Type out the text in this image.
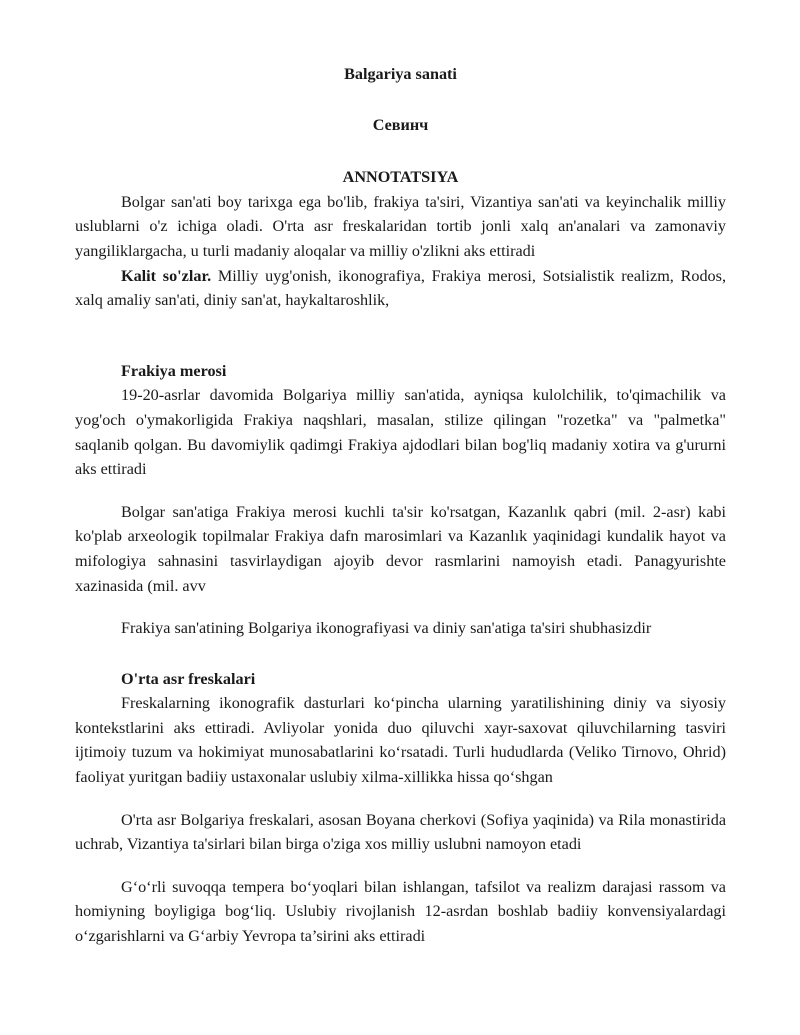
Balgariya sanati
Севинч
ANNOTATSIYA

Bolgar san'ati boy tarixga ega bo'lib, frakiya ta'siri, Vizantiya san'ati va keyinchalik milliy uslublarni o'z ichiga oladi. O'rta asr freskalaridan tortib jonli xalq an'analari va zamonaviy yangiliklargacha, u turli madaniy aloqalar va milliy o'zlikni aks ettiradi

Kalit so'zlar. Milliy uyg'onish, ikonografiya, Frakiya merosi, Sotsialistik realizm, Rodos, xalq amaliy san'ati, diniy san'at, haykaltaroshlik,

Frakiya merosi

19-20-asrlar davomida Bolgariya milliy san'atida, ayniqsa kulolchilik, to'qimachilik va yog'och o'ymakorligida Frakiya naqshlari, masalan, stilize qilingan "rozetka" va "palmetka" saqlanib qolgan. Bu davomiylik qadimgi Frakiya ajdodlari bilan bog'liq madaniy xotira va g'ururni aks ettiradi

Bolgar san'atiga Frakiya merosi kuchli ta'sir ko'rsatgan, Kazanlık qabri (mil. 2-asr) kabi ko'plab arxeologik topilmalar Frakiya dafn marosimlari va Kazanlık yaqinidagi kundalik hayot va mifologiya sahnasini tasvirlaydigan ajoyib devor rasmlarini namoyish etadi. Panagyurishte xazinasida (mil. avv

Frakiya san'atining Bolgariya ikonografiyasi va diniy san'atiga ta'siri shubhasizdir

O'rta asr freskalari

Freskalarning ikonografik dasturlari ko‘pincha ularning yaratilishining diniy va siyosiy kontekstlarini aks ettiradi. Avliyolar yonida duo qiluvchi xayr-saxovat qiluvchilarning tasviri ijtimoiy tuzum va hokimiyat munosabatlarini ko‘rsatadi. Turli hududlarda (Veliko Tirnovo, Ohrid) faoliyat yuritgan badiiy ustaxonalar uslubiy xilma-xillikka hissa qo‘shgan

O'rta asr Bolgariya freskalari, asosan Boyana cherkovi (Sofiya yaqinida) va Rila monastirida uchrab, Vizantiya ta'sirlari bilan birga o'ziga xos milliy uslubni namoyon etadi

G‘o‘rli suvoqqa tempera bo‘yoqlari bilan ishlangan, tafsilot va realizm darajasi rassom va homiyning boyligiga bog‘liq. Uslubiy rivojlanish 12-asrdan boshlab badiiy konvensiyalardagi o‘zgarishlarni va G‘arbiy Yevropa ta’sirini aks ettiradi
